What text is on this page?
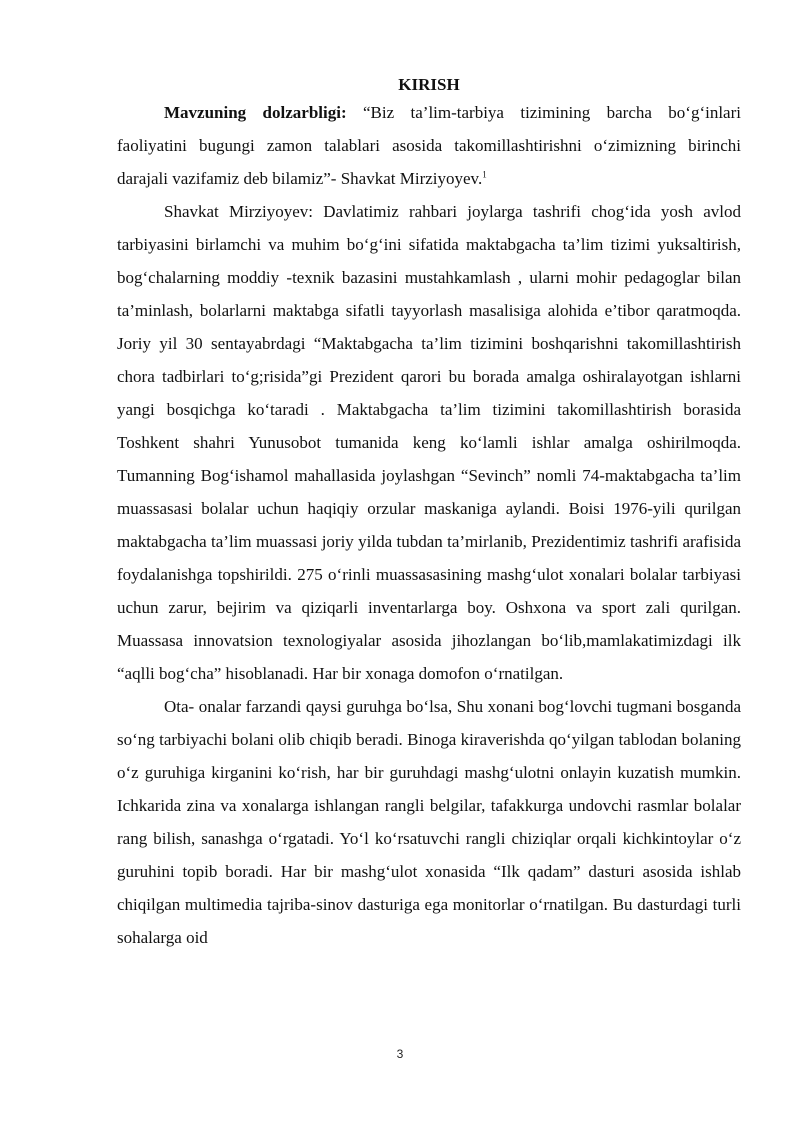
KIRISH

Mavzuning dolzarbligi: “Biz ta’lim-tarbiya tizimining barcha bo‘g‘inlari faoliyatini bugungi zamon talablari asosida takomillashtirishni o‘zimizning birinchi darajali vazifamiz deb bilamiz”- Shavkat Mirziyoyev.$^1$

Shavkat Mirziyoyev: Davlatimiz rahbari joylarga tashrifi chog‘ida yosh avlod tarbiyasini birlamchi va muhim bo‘g‘ini sifatida maktabgacha ta’lim tizimi yuksaltirish, bog‘chalarning moddiy -texnik bazasini mustahkamlash , ularni mohir pedagoglar bilan ta’minlash, bolarlarni maktabga sifatli tayyorlash masalisiga alohida e’tibor qaratmoqda. Joriy yil 30 sentayabrdagi “Maktabgacha ta’lim tizimini boshqarishni takomillashtirish chora tadbirlari to‘g;risida”gi Prezident qarori bu borada amalga oshiralayotgan ishlarni yangi bosqichga ko‘taradi . Maktabgacha ta’lim tizimini takomillashtirish borasida Toshkent shahri Yunusobot tumanida keng ko‘lamli ishlar amalga oshirilmoqda. Tumanning Bog‘ishamol mahallasida joylashgan “Sevinch” nomli 74-maktabgacha ta’lim muassasasi bolalar uchun haqiqiy orzular maskaniga aylandi. Boisi 1976-yili qurilgan maktabgacha ta’lim muassasi joriy yilda tubdan ta’mirlanib, Prezidentimiz tashrifi arafisida foydalanishga topshirildi. 275 o‘rinli muassasasining mashg‘ulot xonalari bolalar tarbiyasi uchun zarur, bejirim va qiziqarli inventarlarga boy. Oshxona va sport zali qurilgan. Muassasa innovatsion texnologiyalar asosida jihozlangan bo‘lib,mamlakatimizdagi ilk “aqlli bog‘cha” hisoblanadi. Har bir xonaga domofon o‘rnatilgan.

Ota- onalar farzandi qaysi guruhga bo‘lsa, Shu xonani bog‘lovchi tugmani bosganda so‘ng tarbiyachi bolani olib chiqib beradi. Binoga kiraverishda qo‘yilgan tablodan bolaning o‘z guruhiga kirganini ko‘rish, har bir guruhdagi mashg‘ulotni onlayin kuzatish mumkin. Ichkarida zina va xonalarga ishlangan rangli belgilar, tafakkurga undovchi rasmlar bolalar rang bilish, sanashga o‘rgatadi. Yo‘l ko‘rsatuvchi rangli chiziqlar orqali kichkintoylar o‘z guruhini topib boradi. Har bir mashg‘ulot xonasida “Ilk qadam” dasturi asosida ishlab chiqilgan multimedia tajriba-sinov dasturiga ega monitorlar o‘rnatilgan. Bu dasturdagi turli sohalarga oid

3
